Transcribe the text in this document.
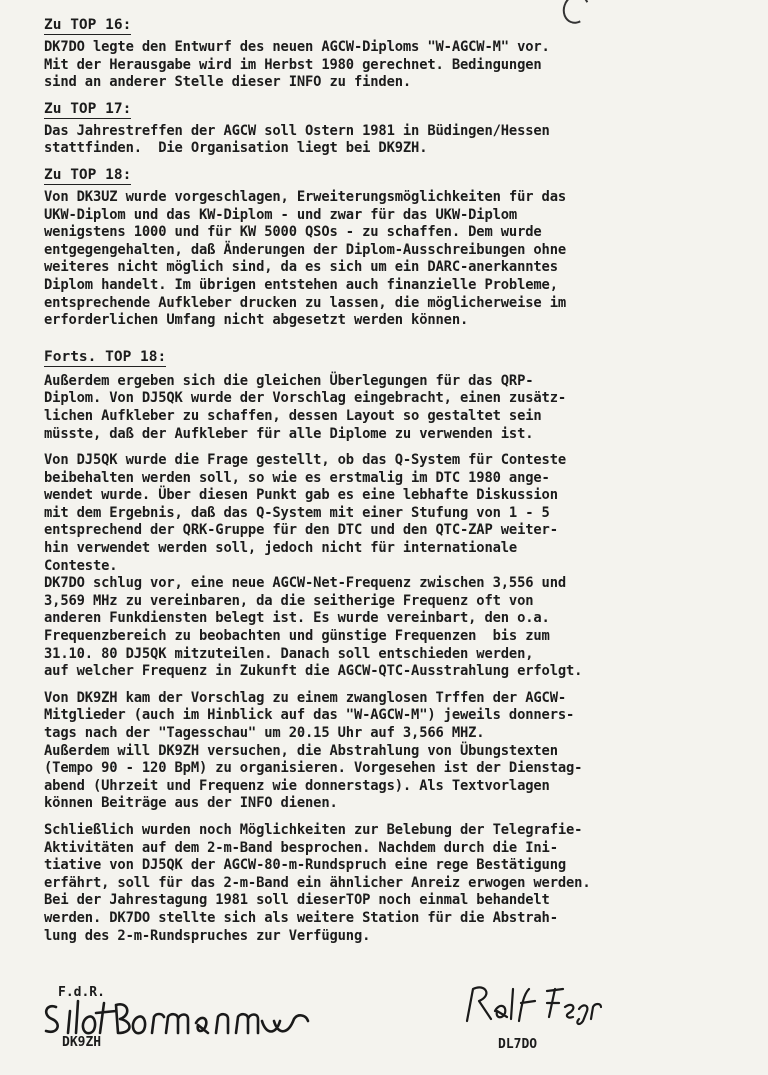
Zu TOP 16:
DK7DO legte den Entwurf des neuen AGCW-Diploms "W-AGCW-M" vor.
Mit der Herausgabe wird im Herbst 1980 gerechnet. Bedingungen
sind an anderer Stelle dieser INFO zu finden.
Zu TOP 17:
Das Jahrestreffen der AGCW soll Ostern 1981 in Büdingen/Hessen
stattfinden.  Die Organisation liegt bei DK9ZH.
Zu TOP 18:
Von DK3UZ wurde vorgeschlagen, Erweiterungsmöglichkeiten für das
UKW-Diplom und das KW-Diplom - und zwar für das UKW-Diplom
wenigstens 1000 und für KW 5000 QSOs - zu schaffen. Dem wurde
entgegengehalten, daß Änderungen der Diplom-Ausschreibungen ohne
weiteres nicht möglich sind, da es sich um ein DARC-anerkanntes
Diplom handelt. Im übrigen entstehen auch finanzielle Probleme,
entsprechende Aufkleber drucken zu lassen, die möglicherweise im
erforderlichen Umfang nicht abgesetzt werden können.
Forts. TOP 18:
Außerdem ergeben sich die gleichen Überlegungen für das QRP-
Diplom. Von DJ5QK wurde der Vorschlag eingebracht, einen zusätz-
lichen Aufkleber zu schaffen, dessen Layout so gestaltet sein
müsste, daß der Aufkleber für alle Diplome zu verwenden ist.
Von DJ5QK wurde die Frage gestellt, ob das Q-System für Conteste
beibehalten werden soll, so wie es erstmalig im DTC 1980 ange-
wendet wurde. Über diesen Punkt gab es eine lebhafte Diskussion
mit dem Ergebnis, daß das Q-System mit einer Stufung von 1 - 5
entsprechend der QRK-Gruppe für den DTC und den QTC-ZAP weiter-
hin verwendet werden soll, jedoch nicht für internationale
Conteste.
DK7DO schlug vor, eine neue AGCW-Net-Frequenz zwischen 3,556 und
3,569 MHz zu vereinbaren, da die seitherige Frequenz oft von
anderen Funkdiensten belegt ist. Es wurde vereinbart, den o.a.
Frequenzbereich zu beobachten und günstige Frequenzen  bis zum
31.10. 80 DJ5QK mitzuteilen. Danach soll entschieden werden,
auf welcher Frequenz in Zukunft die AGCW-QTC-Ausstrahlung erfolgt.
Von DK9ZH kam der Vorschlag zu einem zwanglosen Trffen der AGCW-
Mitglieder (auch im Hinblick auf das "W-AGCW-M") jeweils donners-
tags nach der "Tagesschau" um 20.15 Uhr auf 3,566 MHZ.
Außerdem will DK9ZH versuchen, die Abstrahlung von Übungstexten
(Tempo 90 - 120 BpM) zu organisieren. Vorgesehen ist der Dienstag-
abend (Uhrzeit und Frequenz wie donnerstags). Als Textvorlagen
können Beiträge aus der INFO dienen.
Schließlich wurden noch Möglichkeiten zur Belebung der Telegrafie-
Aktivitäten auf dem 2-m-Band besprochen. Nachdem durch die Ini-
tiative von DJ5QK der AGCW-80-m-Rundspruch eine rege Bestätigung
erfährt, soll für das 2-m-Band ein ähnlicher Anreiz erwogen werden.
Bei der Jahrestagung 1981 soll dieserTOP noch einmal behandelt
werden. DK7DO stellte sich als weitere Station für die Abstrah-
lung des 2-m-Rundspruches zur Verfügung.
F.d.R.
DK9ZH	DL7DO
